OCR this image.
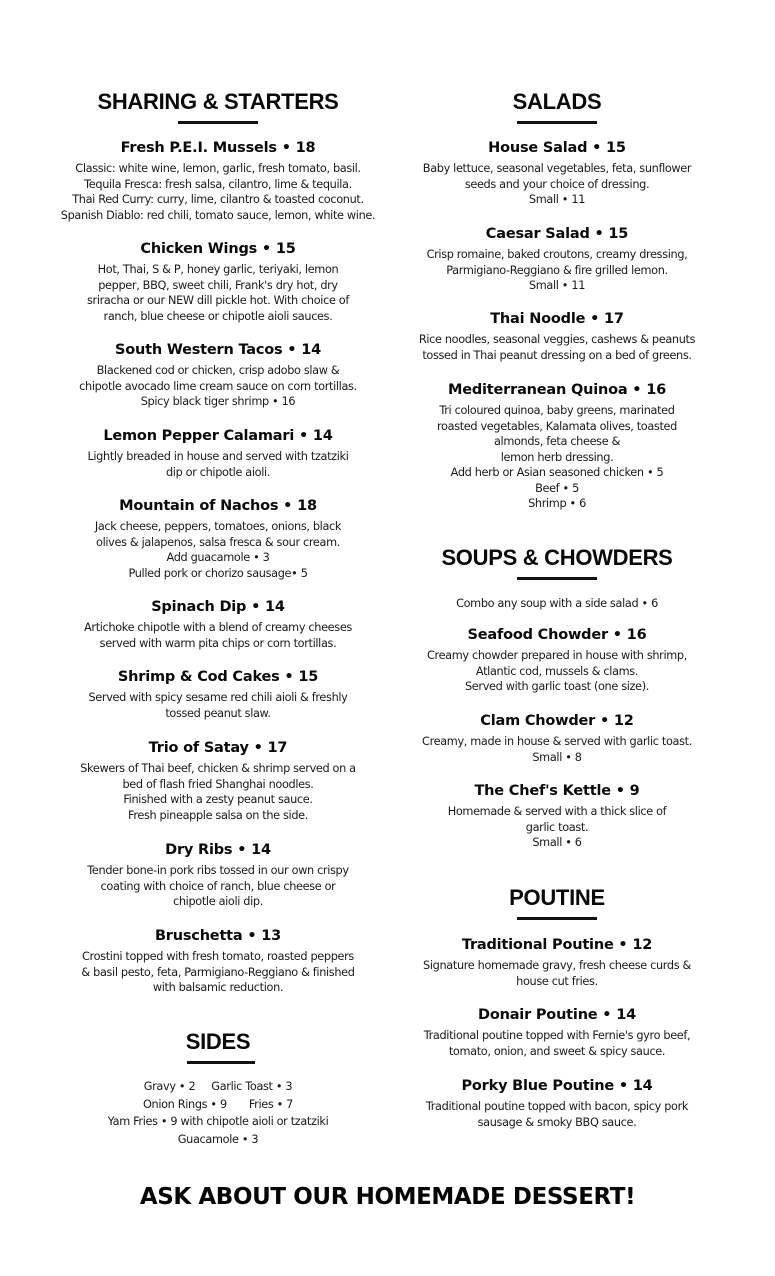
SHARING & STARTERS
Fresh P.E.I. Mussels • 18
Classic: white wine, lemon, garlic, fresh tomato, basil.
Tequila Fresca: fresh salsa, cilantro, lime & tequila.
Thai Red Curry: curry, lime, cilantro & toasted coconut.
Spanish Diablo: red chili, tomato sauce, lemon, white wine.
Chicken Wings • 15
Hot, Thai, S & P, honey garlic, teriyaki, lemon
pepper, BBQ, sweet chili, Frank's dry hot, dry
sriracha or our NEW dill pickle hot. With choice of
ranch, blue cheese or chipotle aioli sauces.
South Western Tacos • 14
Blackened cod or chicken, crisp adobo slaw &
chipotle avocado lime cream sauce on corn tortillas.
Spicy black tiger shrimp • 16
Lemon Pepper Calamari • 14
Lightly breaded in house and served with tzatziki
dip or chipotle aioli.
Mountain of Nachos • 18
Jack cheese, peppers, tomatoes, onions, black
olives & jalapenos, salsa fresca & sour cream.
Add guacamole • 3
Pulled pork or chorizo sausage• 5
Spinach Dip • 14
Artichoke chipotle with a blend of creamy cheeses
served with warm pita chips or corn tortillas.
Shrimp & Cod Cakes • 15
Served with spicy sesame red chili aioli & freshly
tossed peanut slaw.
Trio of Satay • 17
Skewers of Thai beef, chicken & shrimp served on a
bed of flash fried Shanghai noodles.
Finished with a zesty peanut sauce.
Fresh pineapple salsa on the side.
Dry Ribs • 14
Tender bone-in pork ribs tossed in our own crispy
coating with choice of ranch, blue cheese or
chipotle aioli dip.
Bruschetta • 13
Crostini topped with fresh tomato, roasted peppers
& basil pesto, feta, Parmigiano-Reggiano & finished
with balsamic reduction.
SIDES
Gravy • 2 Garlic Toast • 3
Onion Rings • 9 Fries • 7
Yam Fries • 9 with chipotle aioli or tzatziki
Guacamole • 3
SALADS
House Salad • 15
Baby lettuce, seasonal vegetables, feta, sunflower
seeds and your choice of dressing.
Small • 11
Caesar Salad • 15
Crisp romaine, baked croutons, creamy dressing,
Parmigiano-Reggiano & fire grilled lemon.
Small • 11
Thai Noodle • 17
Rice noodles, seasonal veggies, cashews & peanuts
tossed in Thai peanut dressing on a bed of greens.
Mediterranean Quinoa • 16
Tri coloured quinoa, baby greens, marinated
roasted vegetables, Kalamata olives, toasted
almonds, feta cheese &
lemon herb dressing.
Add herb or Asian seasoned chicken • 5
Beef • 5
Shrimp • 6
SOUPS & CHOWDERS
Combo any soup with a side salad • 6
Seafood Chowder • 16
Creamy chowder prepared in house with shrimp,
Atlantic cod, mussels & clams.
Served with garlic toast (one size).
Clam Chowder • 12
Creamy, made in house & served with garlic toast.
Small • 8
The Chef's Kettle • 9
Homemade & served with a thick slice of
garlic toast.
Small • 6
POUTINE
Traditional Poutine • 12
Signature homemade gravy, fresh cheese curds &
house cut fries.
Donair Poutine • 14
Traditional poutine topped with Fernie's gyro beef,
tomato, onion, and sweet & spicy sauce.
Porky Blue Poutine • 14
Traditional poutine topped with bacon, spicy pork
sausage & smoky BBQ sauce.
ASK ABOUT OUR HOMEMADE DESSERT!
